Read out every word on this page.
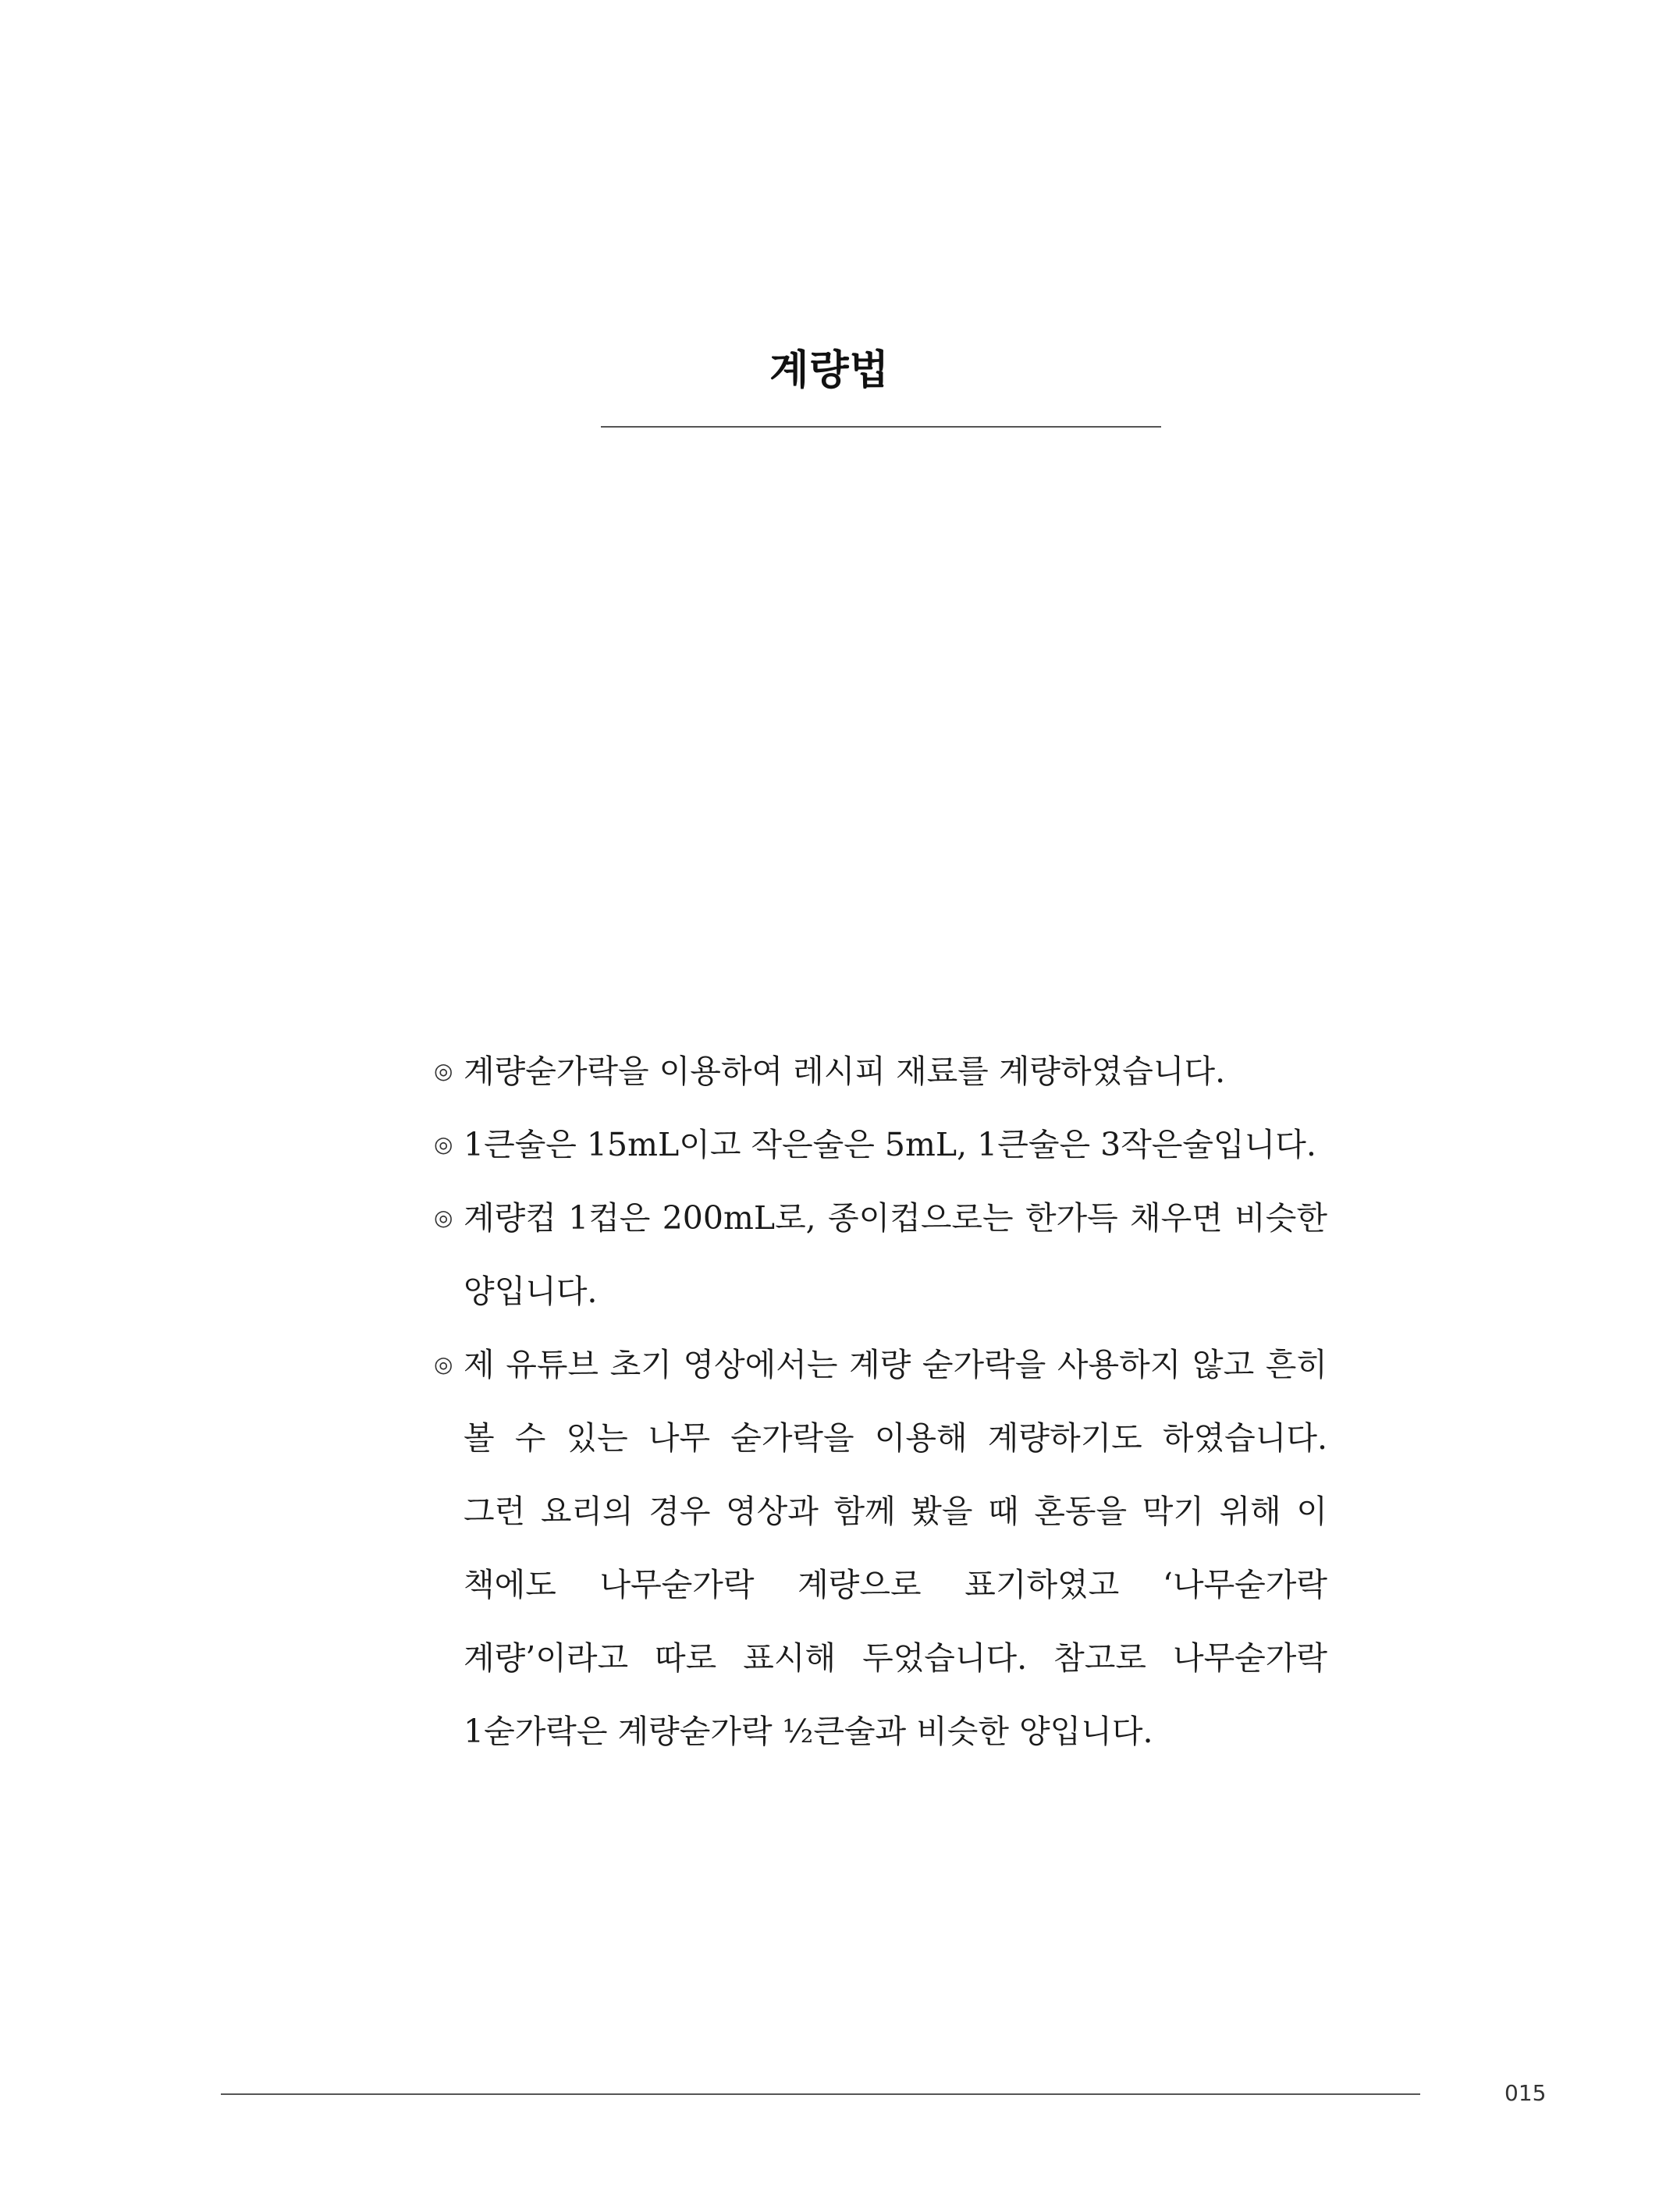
계량법
◎ 계량숟가락을 이용하여 레시피 재료를 계량하였습니다.
◎ 1큰술은 15mL이고 작은술은 5mL, 1큰술은 3작은술입니다.
◎ 계량컵 1컵은 200mL로, 종이컵으로는 한가득 채우면 비슷한 양입니다.
◎ 제 유튜브 초기 영상에서는 계량 숟가락을 사용하지 않고 흔히 볼 수 있는 나무 숟가락을 이용해 계량하기도 하였습니다. 그런 요리의 경우 영상과 함께 봤을 때 혼동을 막기 위해 이 책에도 나무숟가락 계량으로 표기하였고 ‘나무숟가락 계량’이라고 따로 표시해 두었습니다. 참고로 나무숟가락 1숟가락은 계량숟가락 ½큰술과 비슷한 양입니다.
015
